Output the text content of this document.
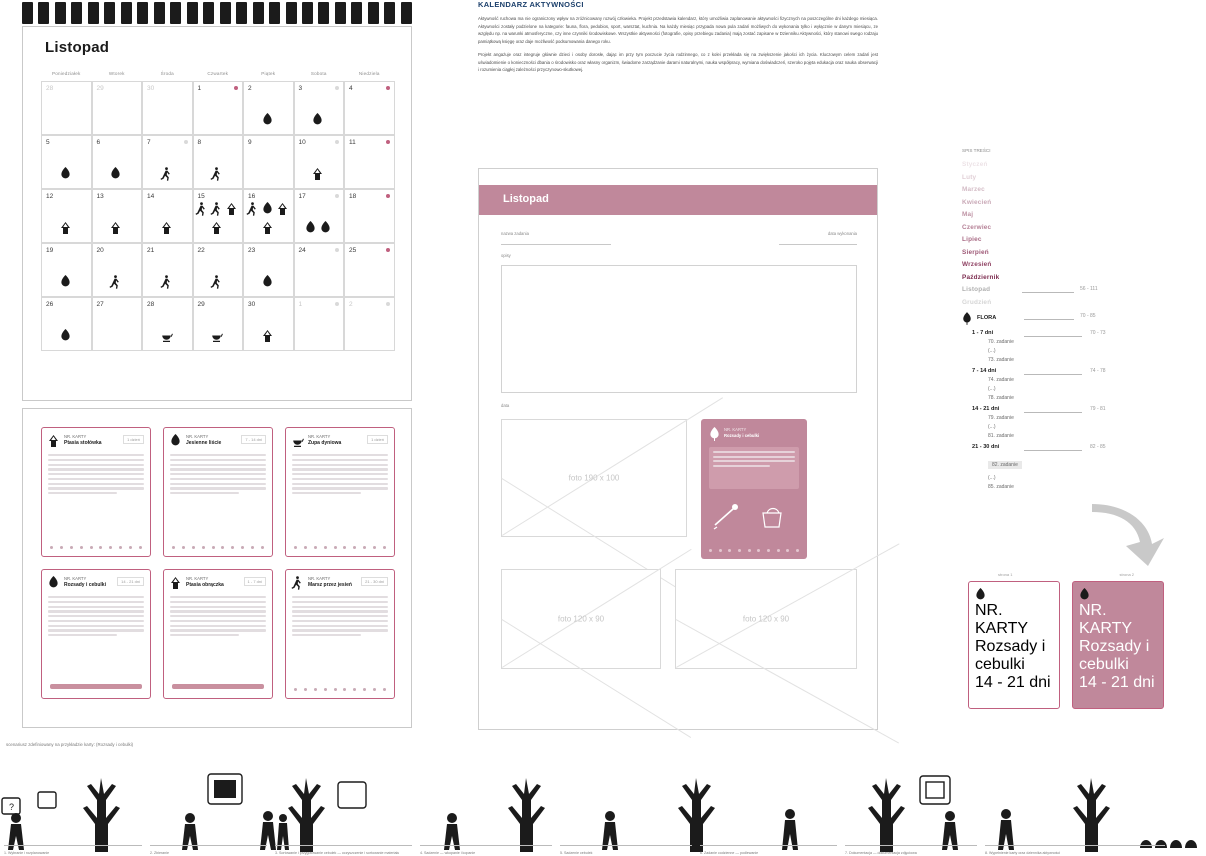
Listopad
Poniedziałek	Wtorek	Środa	Czwartek	Piątek	Sobota	Niedziela
28	29	30	1	2	3	4
5	6	7	8	9	10	11
12	13	14	15	16	17	18
19	20	21	22	23	24	25
26	27	28	29	30	1	2
NR. KARTY
Ptasia stołówka
1 dzień
NR. KARTY
Jesienne liście
7 - 14 dni
NR. KARTY
Zupa dyniowa
1 dzień
NR. KARTY
Rozsady i cebulki
14 - 21 dni
NR. KARTY
Ptasia obrączka
1 - 7 dni
NR. KARTY
Marsz przez jesień
21 - 30 dni
KALENDARZ AKTYWNOŚCI
Aktywność ruchowa ma nie ograniczony wpływ na zróżnicowany rozwój człowieka. Projekt przedstawia kalendarz, który umożliwia zaplanowanie aktywności fizycznych na poszczególne dni każdego miesiąca. Aktywności zostały podzielone na kategorie: fauna, flora, pedobios, sport, warsztat, kuchnia. Na każdy miesiąc przypada nowa pula zadań możliwych do wykonania tylko i wyłącznie w danym miesiącu, ze względu np. na warunki atmosferyczne, czy inne czynniki środowiskowe. Wszystkie aktywności (fotografie, opisy przebiegu zadania) mają zostać zapisane w Dzienniku Aktywności, który stanowi swego rodzaju pamiątkową księgę oraz daje możliwość podsumowania danego roku.
Projekt angażuje oraz integruje głównie dzieci i osoby dorosłe, dając im przy tym poczucie życia rodzinnego, co z kolei przekłada się na zwiększenie jakości ich życia. Kluczowym celem zadań jest uświadomienie o konieczności dbania o środowisko oraz własny organizm, świadome zarządzanie darami naturalnymi, nauka współpracy, wymiana doświadczeń, szeroko pojęta edukacja oraz nauka obserwacji i rozumienia ciągłej zależności przyczynowo-skutkowej.
Listopad
nazwa zadania	data wykonania
opisy
data
foto 190 x 100
NR. KARTY
Rozsady i cebulki
foto 120 x 90	foto 120 x 90
SPIS TREŚCI
Styczeń
Luty
Marzec
Kwiecień
Maj
Czerwiec
Lipiec
Sierpień
Wrzesień
Październik
Listopad	56 - 111
Grudzień
FLORA	70 - 85
1 - 7 dni	70 - 73
70. zadanie
(...)
73. zadanie
7 - 14 dni	74 - 78
74. zadanie
(...)
78. zadanie
14 - 21 dni	79 - 81
79. zadanie
(...)
81. zadanie
21 - 30 dni	82 - 85
82. zadanie
(...)
85. zadanie
strona 1	strona 2
NR. KARTY
Rozsady i cebulki
14 - 21 dni
NR. KARTY
Rozsady i cebulki
14 - 21 dni
scenariusz zdefiniowany na przykładzie karty: (Rozsady i cebulki)
?
1. Wybranie i rozplanowanie	2. Zbieranie	3. Sortowanie i przygotowanie cebulek — oczyszczenie i sortowanie materiału	4. Sadzenie — wkopanie i kopanie	5. Sadzenie cebulek	6. Zadanie codzienne — podlewanie	7. Dokumentacja — dokumentacja zdjęciowa	8. Wypełnienie karty oraz dziennika aktywności
